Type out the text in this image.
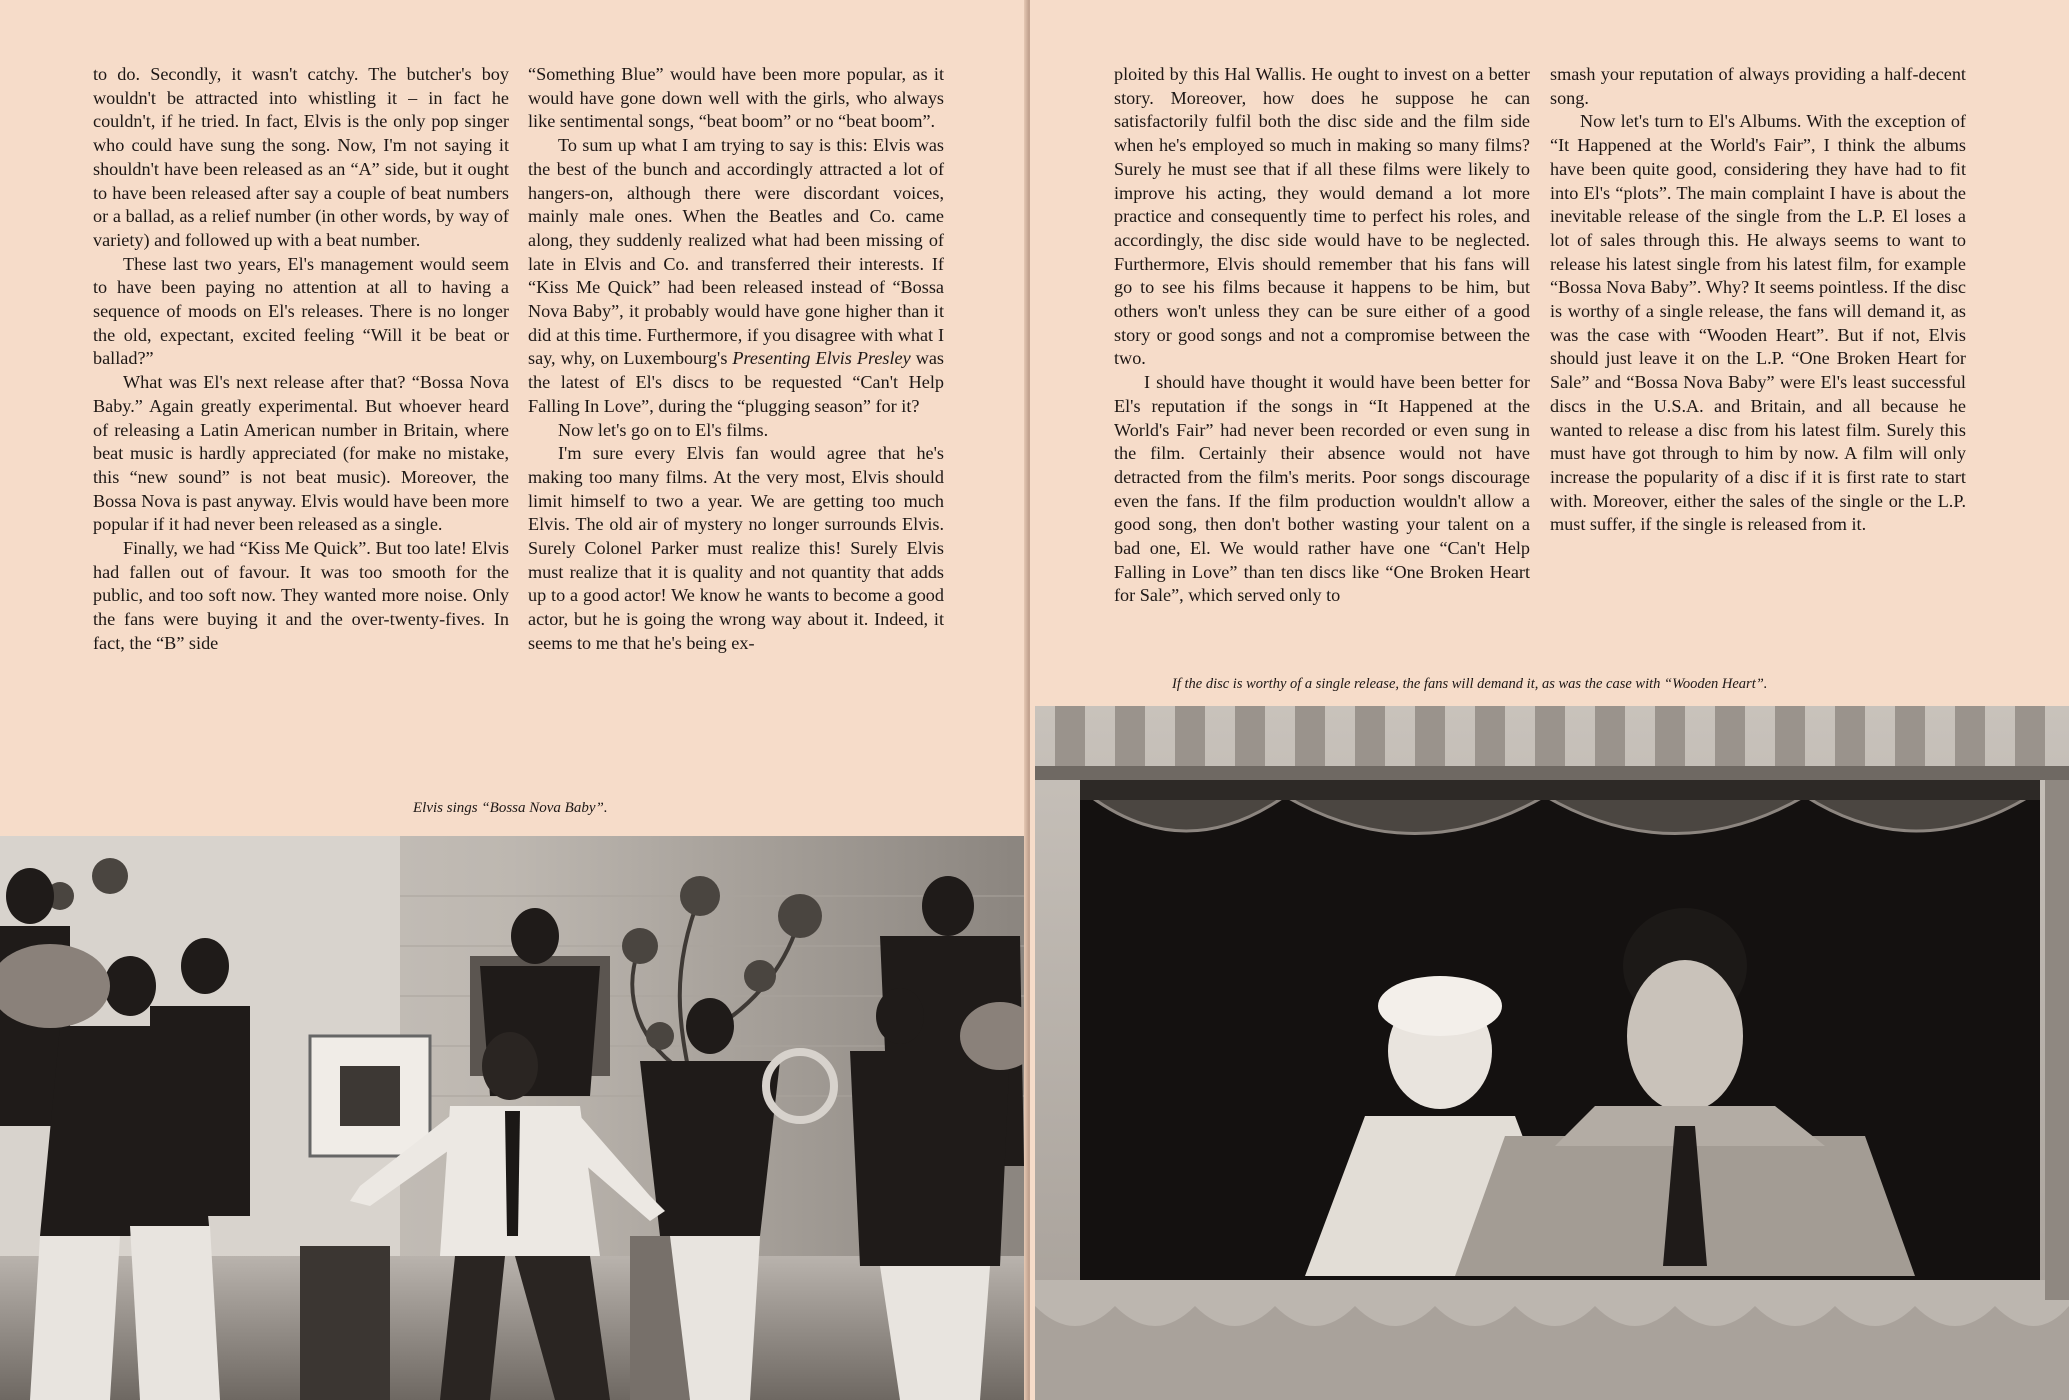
to do. Secondly, it wasn't catchy. The butcher's boy wouldn't be attracted into whistling it – in fact he couldn't, if he tried. In fact, Elvis is the only pop singer who could have sung the song. Now, I'm not saying it shouldn't have been released as an “A” side, but it ought to have been released after say a couple of beat numbers or a ballad, as a relief number (in other words, by way of variety) and followed up with a beat number.

These last two years, El's management would seem to have been paying no attention at all to having a sequence of moods on El's releases. There is no longer the old, expectant, excited feeling “Will it be beat or ballad?”

What was El's next release after that? “Bossa Nova Baby.” Again greatly experimental. But whoever heard of releasing a Latin American number in Britain, where beat music is hardly appreciated (for make no mistake, this “new sound” is not beat music). Moreover, the Bossa Nova is past anyway. Elvis would have been more popular if it had never been released as a single.

Finally, we had “Kiss Me Quick”. But too late! Elvis had fallen out of favour. It was too smooth for the public, and too soft now. They wanted more noise. Only the fans were buying it and the over-twenty-fives. In fact, the “B” side

“Something Blue” would have been more popular, as it would have gone down well with the girls, who always like sentimental songs, “beat boom” or no “beat boom”.

To sum up what I am trying to say is this: Elvis was the best of the bunch and accordingly attracted a lot of hangers-on, although there were discordant voices, mainly male ones. When the Beatles and Co. came along, they suddenly realized what had been missing of late in Elvis and Co. and transferred their interests. If “Kiss Me Quick” had been released instead of “Bossa Nova Baby”, it probably would have gone higher than it did at this time. Furthermore, if you disagree with what I say, why, on Luxembourg's Presenting Elvis Presley was the latest of El's discs to be requested “Can't Help Falling In Love”, during the “plugging season” for it?

Now let's go on to El's films.

I'm sure every Elvis fan would agree that he's making too many films. At the very most, Elvis should limit himself to two a year. We are getting too much Elvis. The old air of mystery no longer surrounds Elvis. Surely Colonel Parker must realize this! Surely Elvis must realize that it is quality and not quantity that adds up to a good actor! We know he wants to become a good actor, but he is going the wrong way about it. Indeed, it seems to me that he's being ex-

Elvis sings “Bossa Nova Baby”.

ploited by this Hal Wallis. He ought to invest on a better story. Moreover, how does he suppose he can satisfactorily fulfil both the disc side and the film side when he's employed so much in making so many films? Surely he must see that if all these films were likely to improve his acting, they would demand a lot more practice and consequently time to perfect his roles, and accordingly, the disc side would have to be neglected. Furthermore, Elvis should remember that his fans will go to see his films because it happens to be him, but others won't unless they can be sure either of a good story or good songs and not a compromise between the two.

I should have thought it would have been better for El's reputation if the songs in “It Happened at the World's Fair” had never been recorded or even sung in the film. Certainly their absence would not have detracted from the film's merits. Poor songs discourage even the fans. If the film production wouldn't allow a good song, then don't bother wasting your talent on a bad one, El. We would rather have one “Can't Help Falling in Love” than ten discs like “One Broken Heart for Sale”, which served only to

smash your reputation of always providing a half-decent song.

Now let's turn to El's Albums. With the exception of “It Happened at the World's Fair”, I think the albums have been quite good, considering they have had to fit into El's “plots”. The main complaint I have is about the inevitable release of the single from the L.P. El loses a lot of sales through this. He always seems to want to release his latest single from his latest film, for example “Bossa Nova Baby”. Why? It seems pointless. If the disc is worthy of a single release, the fans will demand it, as was the case with “Wooden Heart”. But if not, Elvis should just leave it on the L.P. “One Broken Heart for Sale” and “Bossa Nova Baby” were El's least successful discs in the U.S.A. and Britain, and all because he wanted to release a disc from his latest film. Surely this must have got through to him by now. A film will only increase the popularity of a disc if it is first rate to start with. Moreover, either the sales of the single or the L.P. must suffer, if the single is released from it.

If the disc is worthy of a single release, the fans will demand it, as was the case with “Wooden Heart”.
